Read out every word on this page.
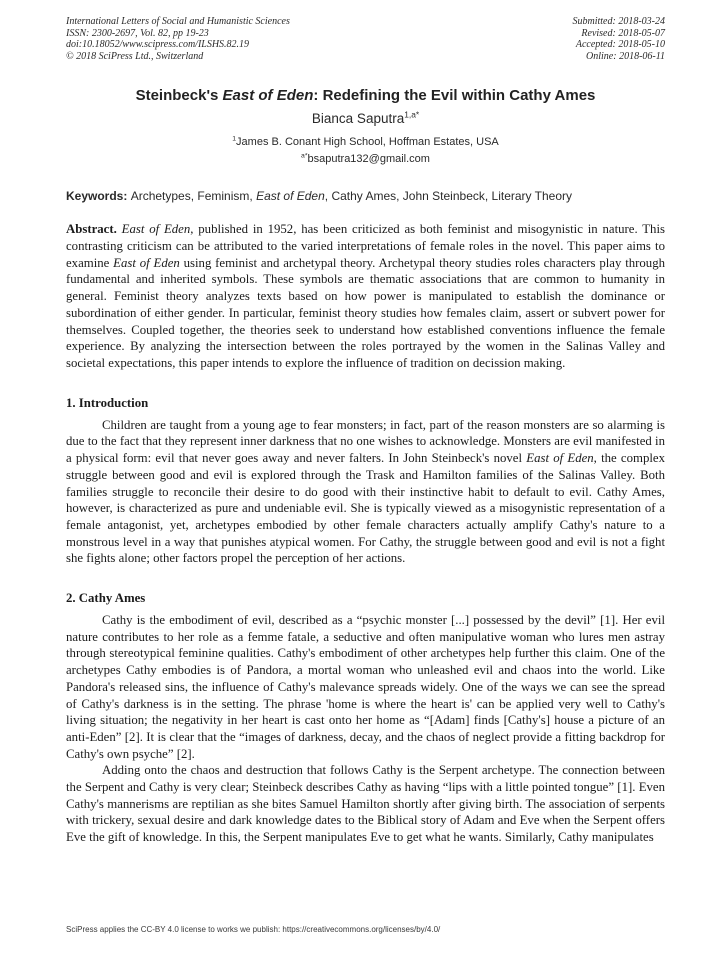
International Letters of Social and Humanistic Sciences
ISSN: 2300-2697, Vol. 82, pp 19-23
doi:10.18052/www.scipress.com/ILSHS.82.19
© 2018 SciPress Ltd., Switzerland
Submitted: 2018-03-24
Revised: 2018-05-07
Accepted: 2018-05-10
Online: 2018-06-11
Steinbeck's East of Eden: Redefining the Evil within Cathy Ames
Bianca Saputra$^{1,a*}$
$^1$James B. Conant High School, Hoffman Estates, USA
$^{a*}$bsaputra132@gmail.com
Keywords: Archetypes, Feminism, East of Eden, Cathy Ames, John Steinbeck, Literary Theory

Abstract. East of Eden, published in 1952, has been criticized as both feminist and misogynistic in nature. This contrasting criticism can be attributed to the varied interpretations of female roles in the novel. This paper aims to examine East of Eden using feminist and archetypal theory. Archetypal theory studies roles characters play through fundamental and inherited symbols. These symbols are thematic associations that are common to humanity in general. Feminist theory analyzes texts based on how power is manipulated to establish the dominance or subordination of either gender. In particular, feminist theory studies how females claim, assert or subvert power for themselves. Coupled together, the theories seek to understand how established conventions influence the female experience. By analyzing the intersection between the roles portrayed by the women in the Salinas Valley and societal expectations, this paper intends to explore the influence of tradition on decission making.

1. Introduction

Children are taught from a young age to fear monsters; in fact, part of the reason monsters are so alarming is due to the fact that they represent inner darkness that no one wishes to acknowledge. Monsters are evil manifested in a physical form: evil that never goes away and never falters. In John Steinbeck's novel East of Eden, the complex struggle between good and evil is explored through the Trask and Hamilton families of the Salinas Valley. Both families struggle to reconcile their desire to do good with their instinctive habit to default to evil. Cathy Ames, however, is characterized as pure and undeniable evil. She is typically viewed as a misogynistic representation of a female antagonist, yet, archetypes embodied by other female characters actually amplify Cathy's nature to a monstrous level in a way that punishes atypical women. For Cathy, the struggle between good and evil is not a fight she fights alone; other factors propel the perception of her actions.

2. Cathy Ames

Cathy is the embodiment of evil, described as a “psychic monster [...] possessed by the devil” [1]. Her evil nature contributes to her role as a femme fatale, a seductive and often manipulative woman who lures men astray through stereotypical feminine qualities. Cathy's embodiment of other archetypes help further this claim. One of the archetypes Cathy embodies is of Pandora, a mortal woman who unleashed evil and chaos into the world. Like Pandora's released sins, the influence of Cathy's malevance spreads widely. One of the ways we can see the spread of Cathy's darkness is in the setting. The phrase 'home is where the heart is' can be applied very well to Cathy's living situation; the negativity in her heart is cast onto her home as “[Adam] finds [Cathy's] house a picture of an anti-Eden” [2]. It is clear that the “images of darkness, decay, and the chaos of neglect provide a fitting backdrop for Cathy's own psyche” [2].

Adding onto the chaos and destruction that follows Cathy is the Serpent archetype. The connection between the Serpent and Cathy is very clear; Steinbeck describes Cathy as having “lips with a little pointed tongue” [1]. Even Cathy's mannerisms are reptilian as she bites Samuel Hamilton shortly after giving birth. The association of serpents with trickery, sexual desire and dark knowledge dates to the Biblical story of Adam and Eve when the Serpent offers Eve the gift of knowledge. In this, the Serpent manipulates Eve to get what he wants. Similarly, Cathy manipulates

SciPress applies the CC-BY 4.0 license to works we publish: https://creativecommons.org/licenses/by/4.0/
